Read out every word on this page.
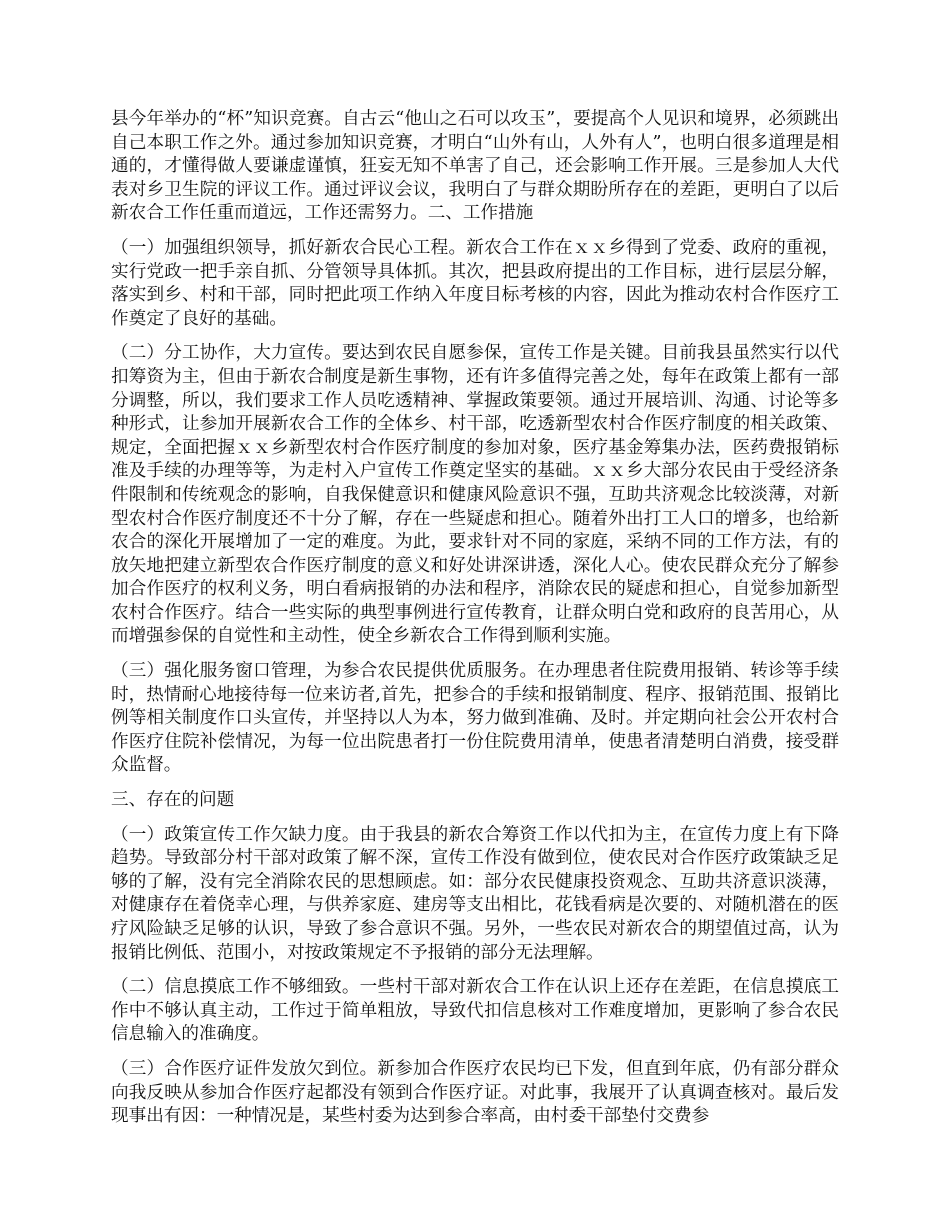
县今年举办的“杯”知识竞赛。自古云“他山之石可以攻玉”，要提高个人见识和境界，必须跳出自己本职工作之外。通过参加知识竞赛，才明白“山外有山，人外有人”，也明白很多道理是相通的，才懂得做人要谦虚谨慎，狂妄无知不单害了自己，还会影响工作开展。三是参加人大代表对乡卫生院的评议工作。通过评议会议，我明白了与群众期盼所存在的差距，更明白了以后新农合工作任重而道远，工作还需努力。二、工作措施

（一）加强组织领导，抓好新农合民心工程。新农合工作在ｘｘ乡得到了党委、政府的重视，实行党政一把手亲自抓、分管领导具体抓。其次，把县政府提出的工作目标，进行层层分解，落实到乡、村和干部，同时把此项工作纳入年度目标考核的内容，因此为推动农村合作医疗工作奠定了良好的基础。

（二）分工协作，大力宣传。要达到农民自愿参保，宣传工作是关键。目前我县虽然实行以代扣筹资为主，但由于新农合制度是新生事物，还有许多值得完善之处，每年在政策上都有一部分调整，所以，我们要求工作人员吃透精神、掌握政策要领。通过开展培训、沟通、讨论等多种形式，让参加开展新农合工作的全体乡、村干部，吃透新型农村合作医疗制度的相关政策、规定，全面把握ｘｘ乡新型农村合作医疗制度的参加对象，医疗基金筹集办法，医药费报销标准及手续的办理等等，为走村入户宣传工作奠定坚实的基础。ｘｘ乡大部分农民由于受经济条件限制和传统观念的影响，自我保健意识和健康风险意识不强，互助共济观念比较淡薄，对新型农村合作医疗制度还不十分了解，存在一些疑虑和担心。随着外出打工人口的增多，也给新农合的深化开展增加了一定的难度。为此，要求针对不同的家庭，采纳不同的工作方法，有的放矢地把建立新型农合作医疗制度的意义和好处讲深讲透，深化人心。使农民群众充分了解参加合作医疗的权利义务，明白看病报销的办法和程序，消除农民的疑虑和担心，自觉参加新型农村合作医疗。结合一些实际的典型事例进行宣传教育，让群众明白党和政府的良苦用心，从而增强参保的自觉性和主动性，使全乡新农合工作得到顺利实施。

（三）强化服务窗口管理，为参合农民提供优质服务。在办理患者住院费用报销、转诊等手续时，热情耐心地接待每一位来访者,首先，把参合的手续和报销制度、程序、报销范围、报销比例等相关制度作口头宣传，并坚持以人为本，努力做到准确、及时。并定期向社会公开农村合作医疗住院补偿情况，为每一位出院患者打一份住院费用清单，使患者清楚明白消费，接受群众监督。

三、存在的问题

（一）政策宣传工作欠缺力度。由于我县的新农合筹资工作以代扣为主，在宣传力度上有下降趋势。导致部分村干部对政策了解不深，宣传工作没有做到位，使农民对合作医疗政策缺乏足够的了解，没有完全消除农民的思想顾虑。如：部分农民健康投资观念、互助共济意识淡薄，对健康存在着侥幸心理，与供养家庭、建房等支出相比，花钱看病是次要的、对随机潜在的医疗风险缺乏足够的认识，导致了参合意识不强。另外，一些农民对新农合的期望值过高，认为报销比例低、范围小，对按政策规定不予报销的部分无法理解。

（二）信息摸底工作不够细致。一些村干部对新农合工作在认识上还存在差距，在信息摸底工作中不够认真主动，工作过于简单粗放，导致代扣信息核对工作难度增加，更影响了参合农民信息输入的准确度。

（三）合作医疗证件发放欠到位。新参加合作医疗农民均已下发，但直到年底，仍有部分群众向我反映从参加合作医疗起都没有领到合作医疗证。对此事，我展开了认真调查核对。最后发现事出有因：一种情况是，某些村委为达到参合率高，由村委干部垫付交费参
